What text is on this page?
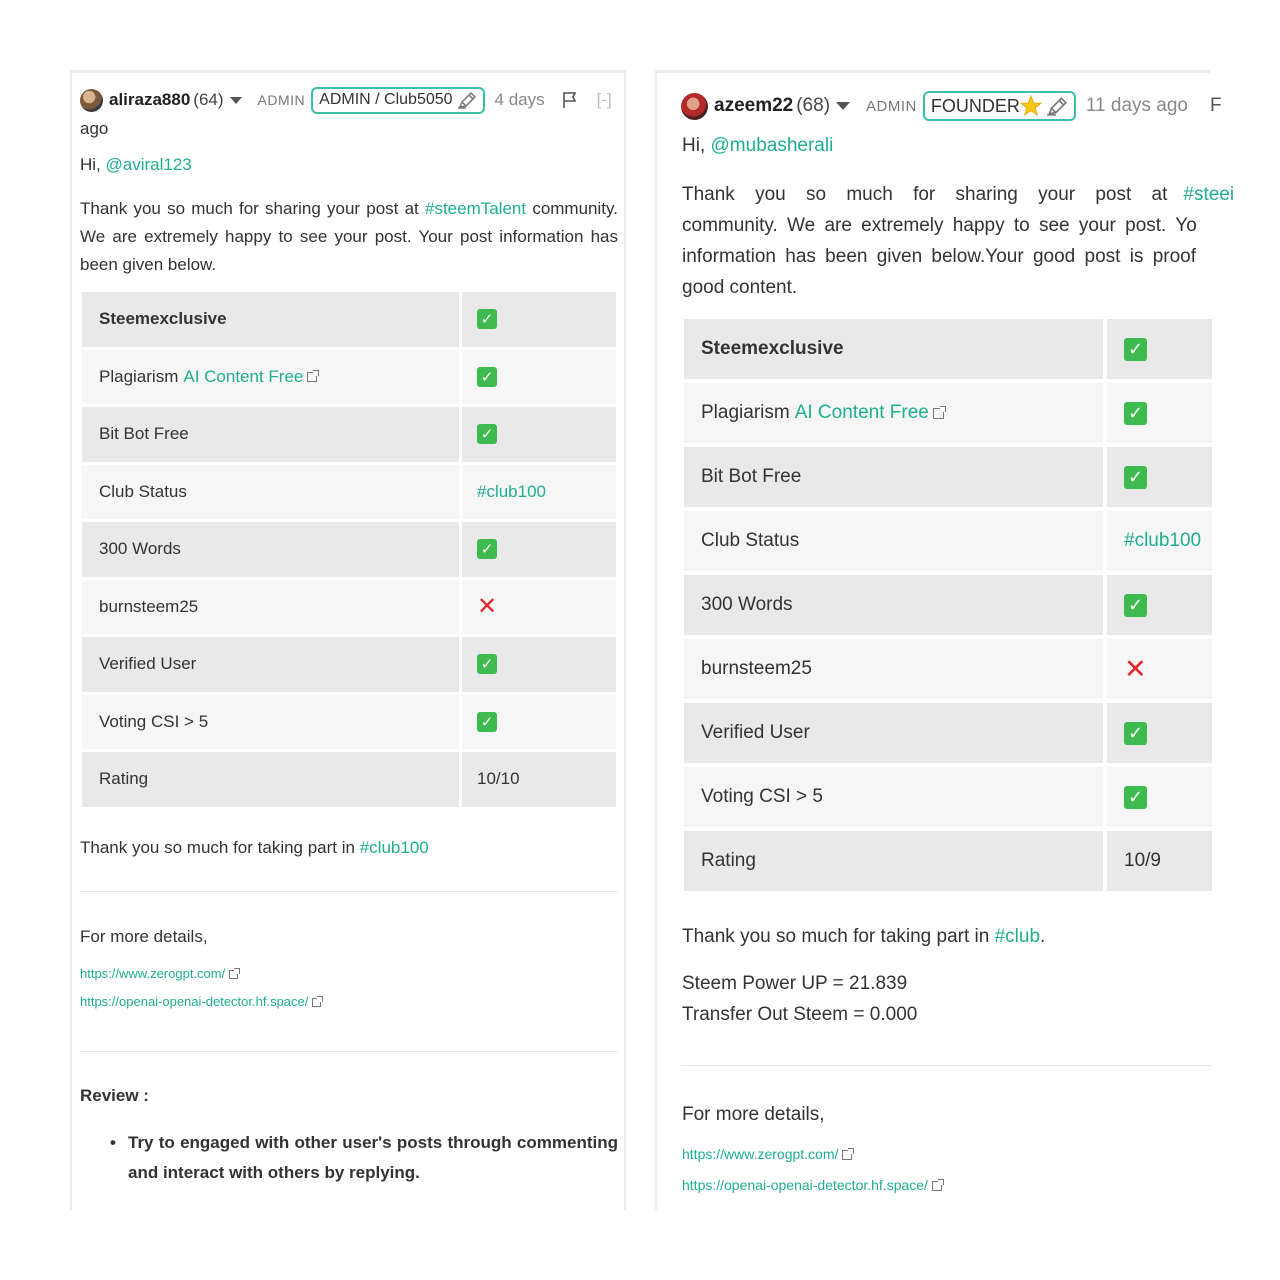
aliraza880 (64) ADMIN ADMIN / Club5050 4 days	[-]
ago
Hi, @aviral123
Thank you so much for sharing your post at #steemTalent community. We are extremely happy to see your post. Your post information has been given below.
Steemexclusive	✓
Plagiarism AI Content Free	✓
Bit Bot Free	✓
Club Status	#club100
300 Words	✓
burnsteem25	✕
Verified User	✓
Voting CSI > 5	✓
Rating	10/10
Thank you so much for taking part in #club100
For more details,
https://www.zerogpt.com/
https://openai-openai-detector.hf.space/
Review :
• Try to engaged with other user's posts through commenting and interact with others by replying.
azeem22 (68) ADMIN FOUNDER	11 days ago F
Hi, @mubasherali
Thank you so much for sharing your post at #steei
community. We are extremely happy to see your post. Yo
information has been given below.Your good post is proof
good content.
Steemexclusive	✓
Plagiarism AI Content Free	✓
Bit Bot Free	✓
Club Status	#club100
300 Words	✓
burnsteem25	✕
Verified User	✓
Voting CSI > 5	✓
Rating	10/9
Thank you so much for taking part in #club.
Steem Power UP = 21.839
Transfer Out Steem = 0.000
For more details,
https://www.zerogpt.com/
https://openai-openai-detector.hf.space/
